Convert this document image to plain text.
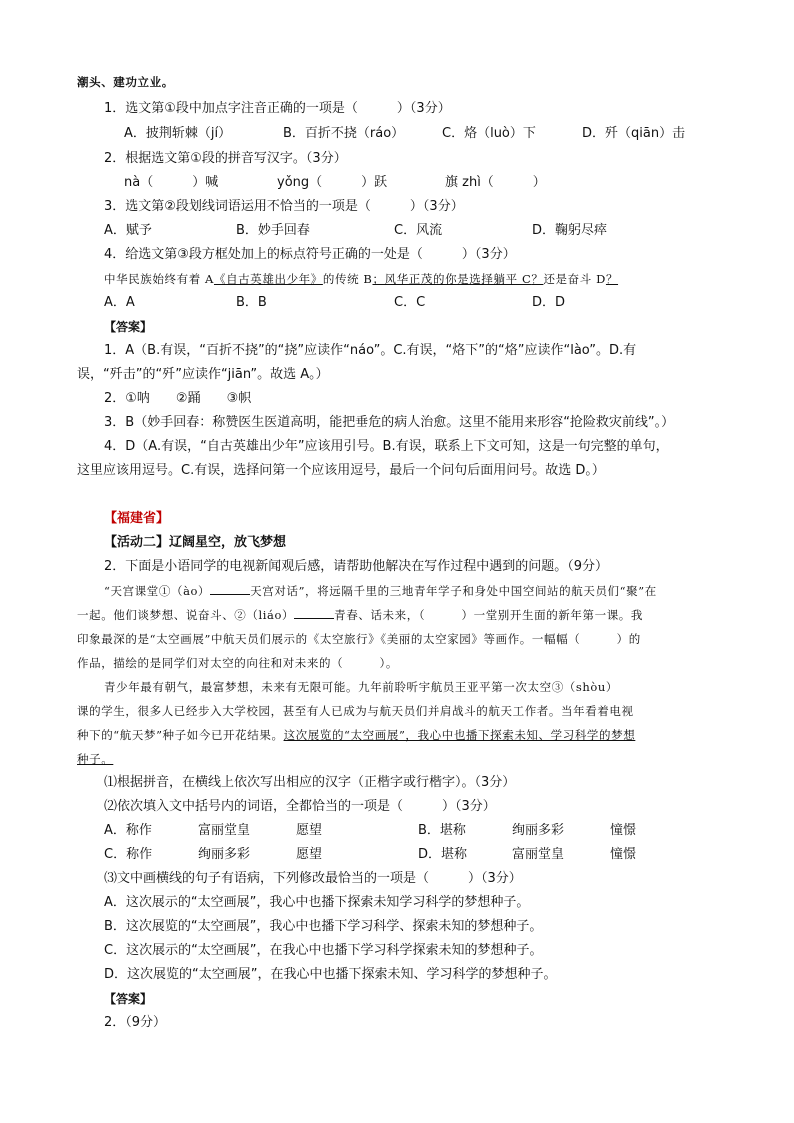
潮头、建功立业。
1．选文第①段中加点字注音正确的一项是（　　　）（3分）
A．披荆斩棘（jí）	B．百折不挠（ráo）	C．烙（luò）下	D．歼（qiān）击
2．根据选文第①段的拼音写汉字。（3分）
nà（　　　）喊	yǒng（　　　）跃	旗 zhì（　　　）
3．选文第②段划线词语运用不恰当的一项是（　　　）（3分）
A．赋予	B．妙手回春	C．风流	D．鞠躬尽瘁
4．给选文第③段方框处加上的标点符号正确的一处是（　　　）（3分）
中华民族始终有着 A《自古英雄出少年》的传统 B；风华正茂的你是选择躺平 C？还是奋斗 D？
A．A	B．B	C．C	D．D
【答案】
1．A（B.有误，“百折不挠”的“挠”应读作“náo”。C.有误，“烙下”的“烙”应读作“lào”。D.有
误，“歼击”的“歼”应读作“jiān”。故选 A。）
2．①呐　　②踊　　③帜
3．B（妙手回春：称赞医生医道高明，能把垂危的病人治愈。这里不能用来形容“抢险救灾前线”。）
4．D（A.有误，“自古英雄出少年”应该用引号。B.有误，联系上下文可知，这是一句完整的单句，
这里应该用逗号。C.有误，选择问第一个应该用逗号，最后一个问句后面用问号。故选 D。）
【福建省】
【活动二】辽阔星空，放飞梦想
2．下面是小语同学的电视新闻观后感，请帮助他解决在写作过程中遇到的问题。（9分）
“天宫课堂①（ào）	天宫对话”，将远隔千里的三地青年学子和身处中国空间站的航天员们“聚”在
一起。他们谈梦想、说奋斗、②（liáo）	青春、话未来，（　　　）一堂别开生面的新年第一课。我
印象最深的是“太空画展”中航天员们展示的《太空旅行》《美丽的太空家园》等画作。一幅幅（　　　）的
作品，描绘的是同学们对太空的向往和对未来的（　　　）。
青少年最有朝气，最富梦想，未来有无限可能。九年前聆听宇航员王亚平第一次太空③（shòu）
课的学生，很多人已经步入大学校园，甚至有人已成为与航天员们并肩战斗的航天工作者。当年看着电视
种下的“航天梦”种子如今已开花结果。这次展览的“太空画展”，我心中也播下探索未知、学习科学的梦想
种子。
⑴根据拼音，在横线上依次写出相应的汉字（正楷字或行楷字）。（3分）
⑵依次填入文中括号内的词语，全都恰当的一项是（　　　）（3分）
A．称作	富丽堂皇	愿望	B．堪称	绚丽多彩	憧憬
C．称作	绚丽多彩	愿望	D．堪称	富丽堂皇	憧憬
⑶文中画横线的句子有语病，下列修改最恰当的一项是（　　　）（3分）
A．这次展示的“太空画展”，我心中也播下探索未知学习科学的梦想种子。
B．这次展览的“太空画展”，我心中也播下学习科学、探索未知的梦想种子。
C．这次展示的“太空画展”，在我心中也播下学习科学探索未知的梦想种子。
D．这次展览的“太空画展”，在我心中也播下探索未知、学习科学的梦想种子。
【答案】
2．（9分）
